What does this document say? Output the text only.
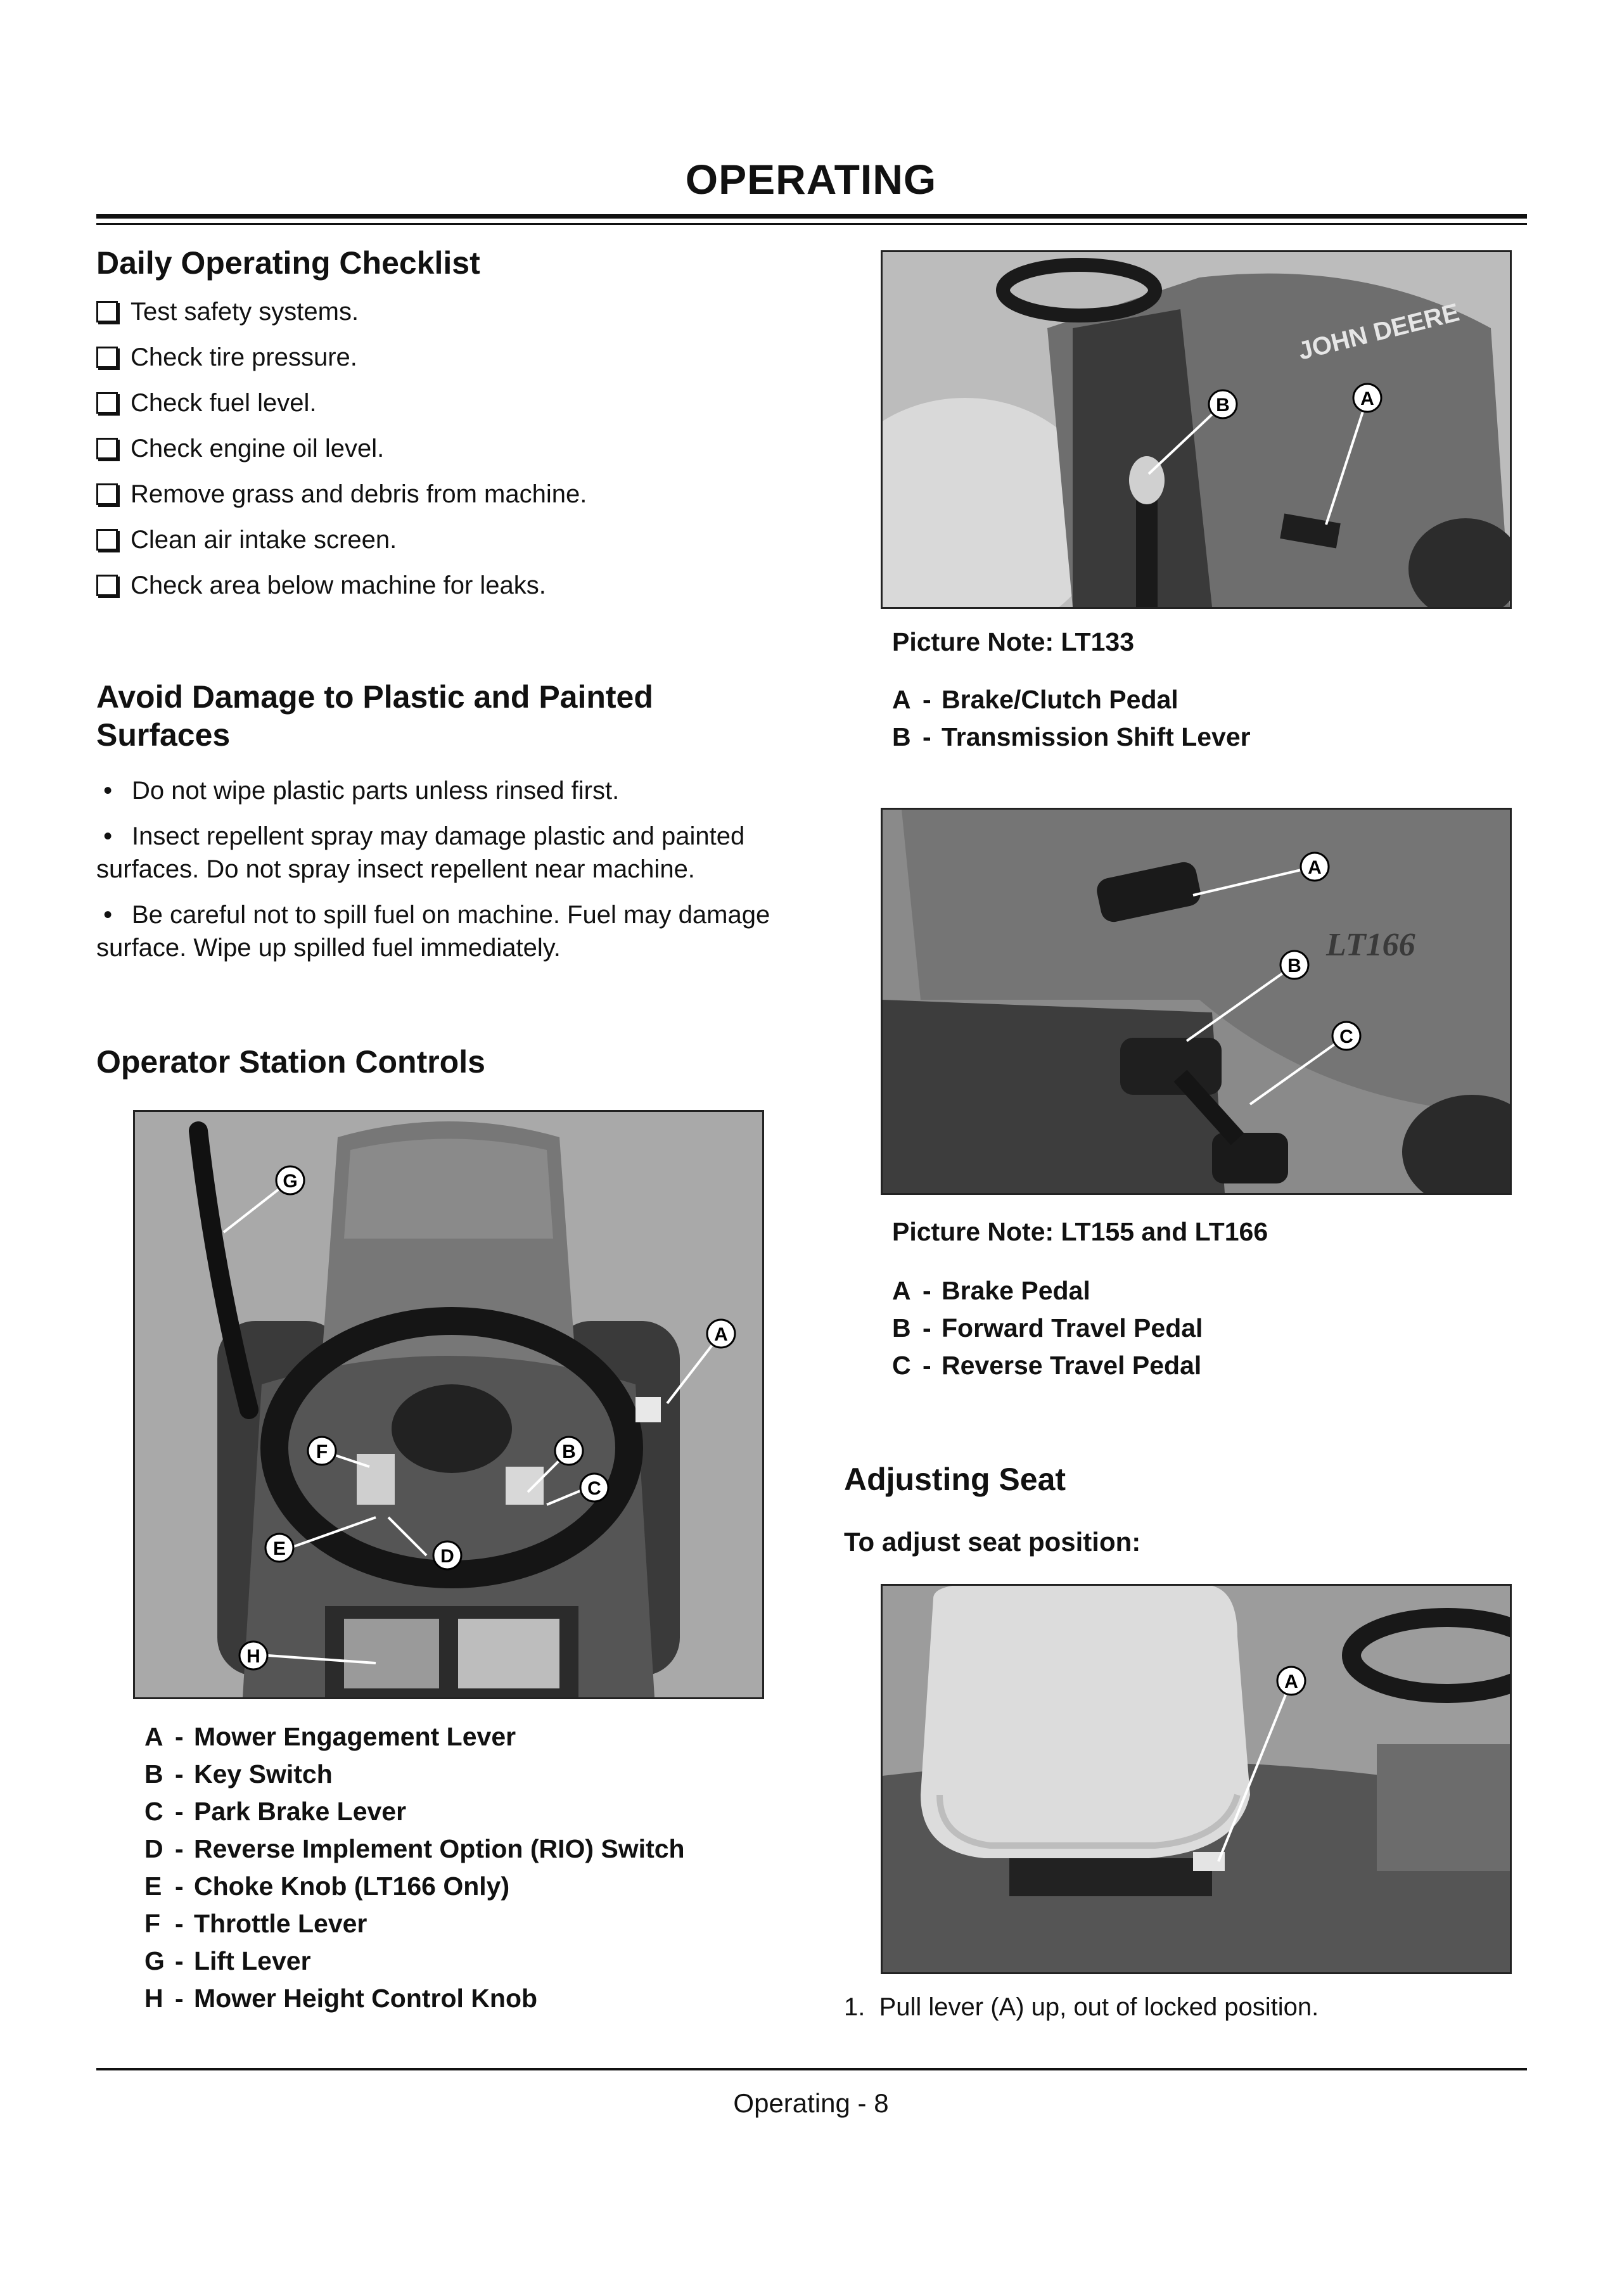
OPERATING
Daily Operating Checklist
Test safety systems.
Check tire pressure.
Check fuel level.
Check engine oil level.
Remove grass and debris from machine.
Clean air intake screen.
Check area below machine for leaks.
Avoid Damage to Plastic and Painted
Surfaces
• Do not wipe plastic parts unless rinsed first.
• Insect repellent spray may damage plastic and painted surfaces. Do not spray insect repellent near machine.
• Be careful not to spill fuel on machine. Fuel may damage surface. Wipe up spilled fuel immediately.
Operator Station Controls
G
A
F	B
C
E	D
H
A - Mower Engagement Lever
B - Key Switch
C - Park Brake Lever
D - Reverse Implement Option (RIO) Switch
E - Choke Knob (LT166 Only)
F - Throttle Lever
G - Lift Lever
H - Mower Height Control Knob
JOHN DEERE
B	A
Picture Note: LT133
A - Brake/Clutch Pedal
B - Transmission Shift Lever
LT166
A
B
C
Picture Note: LT155 and LT166
A - Brake Pedal
B - Forward Travel Pedal
C - Reverse Travel Pedal
Adjusting Seat
To adjust seat position:
A
1. Pull lever (A) up, out of locked position.
Operating - 8
